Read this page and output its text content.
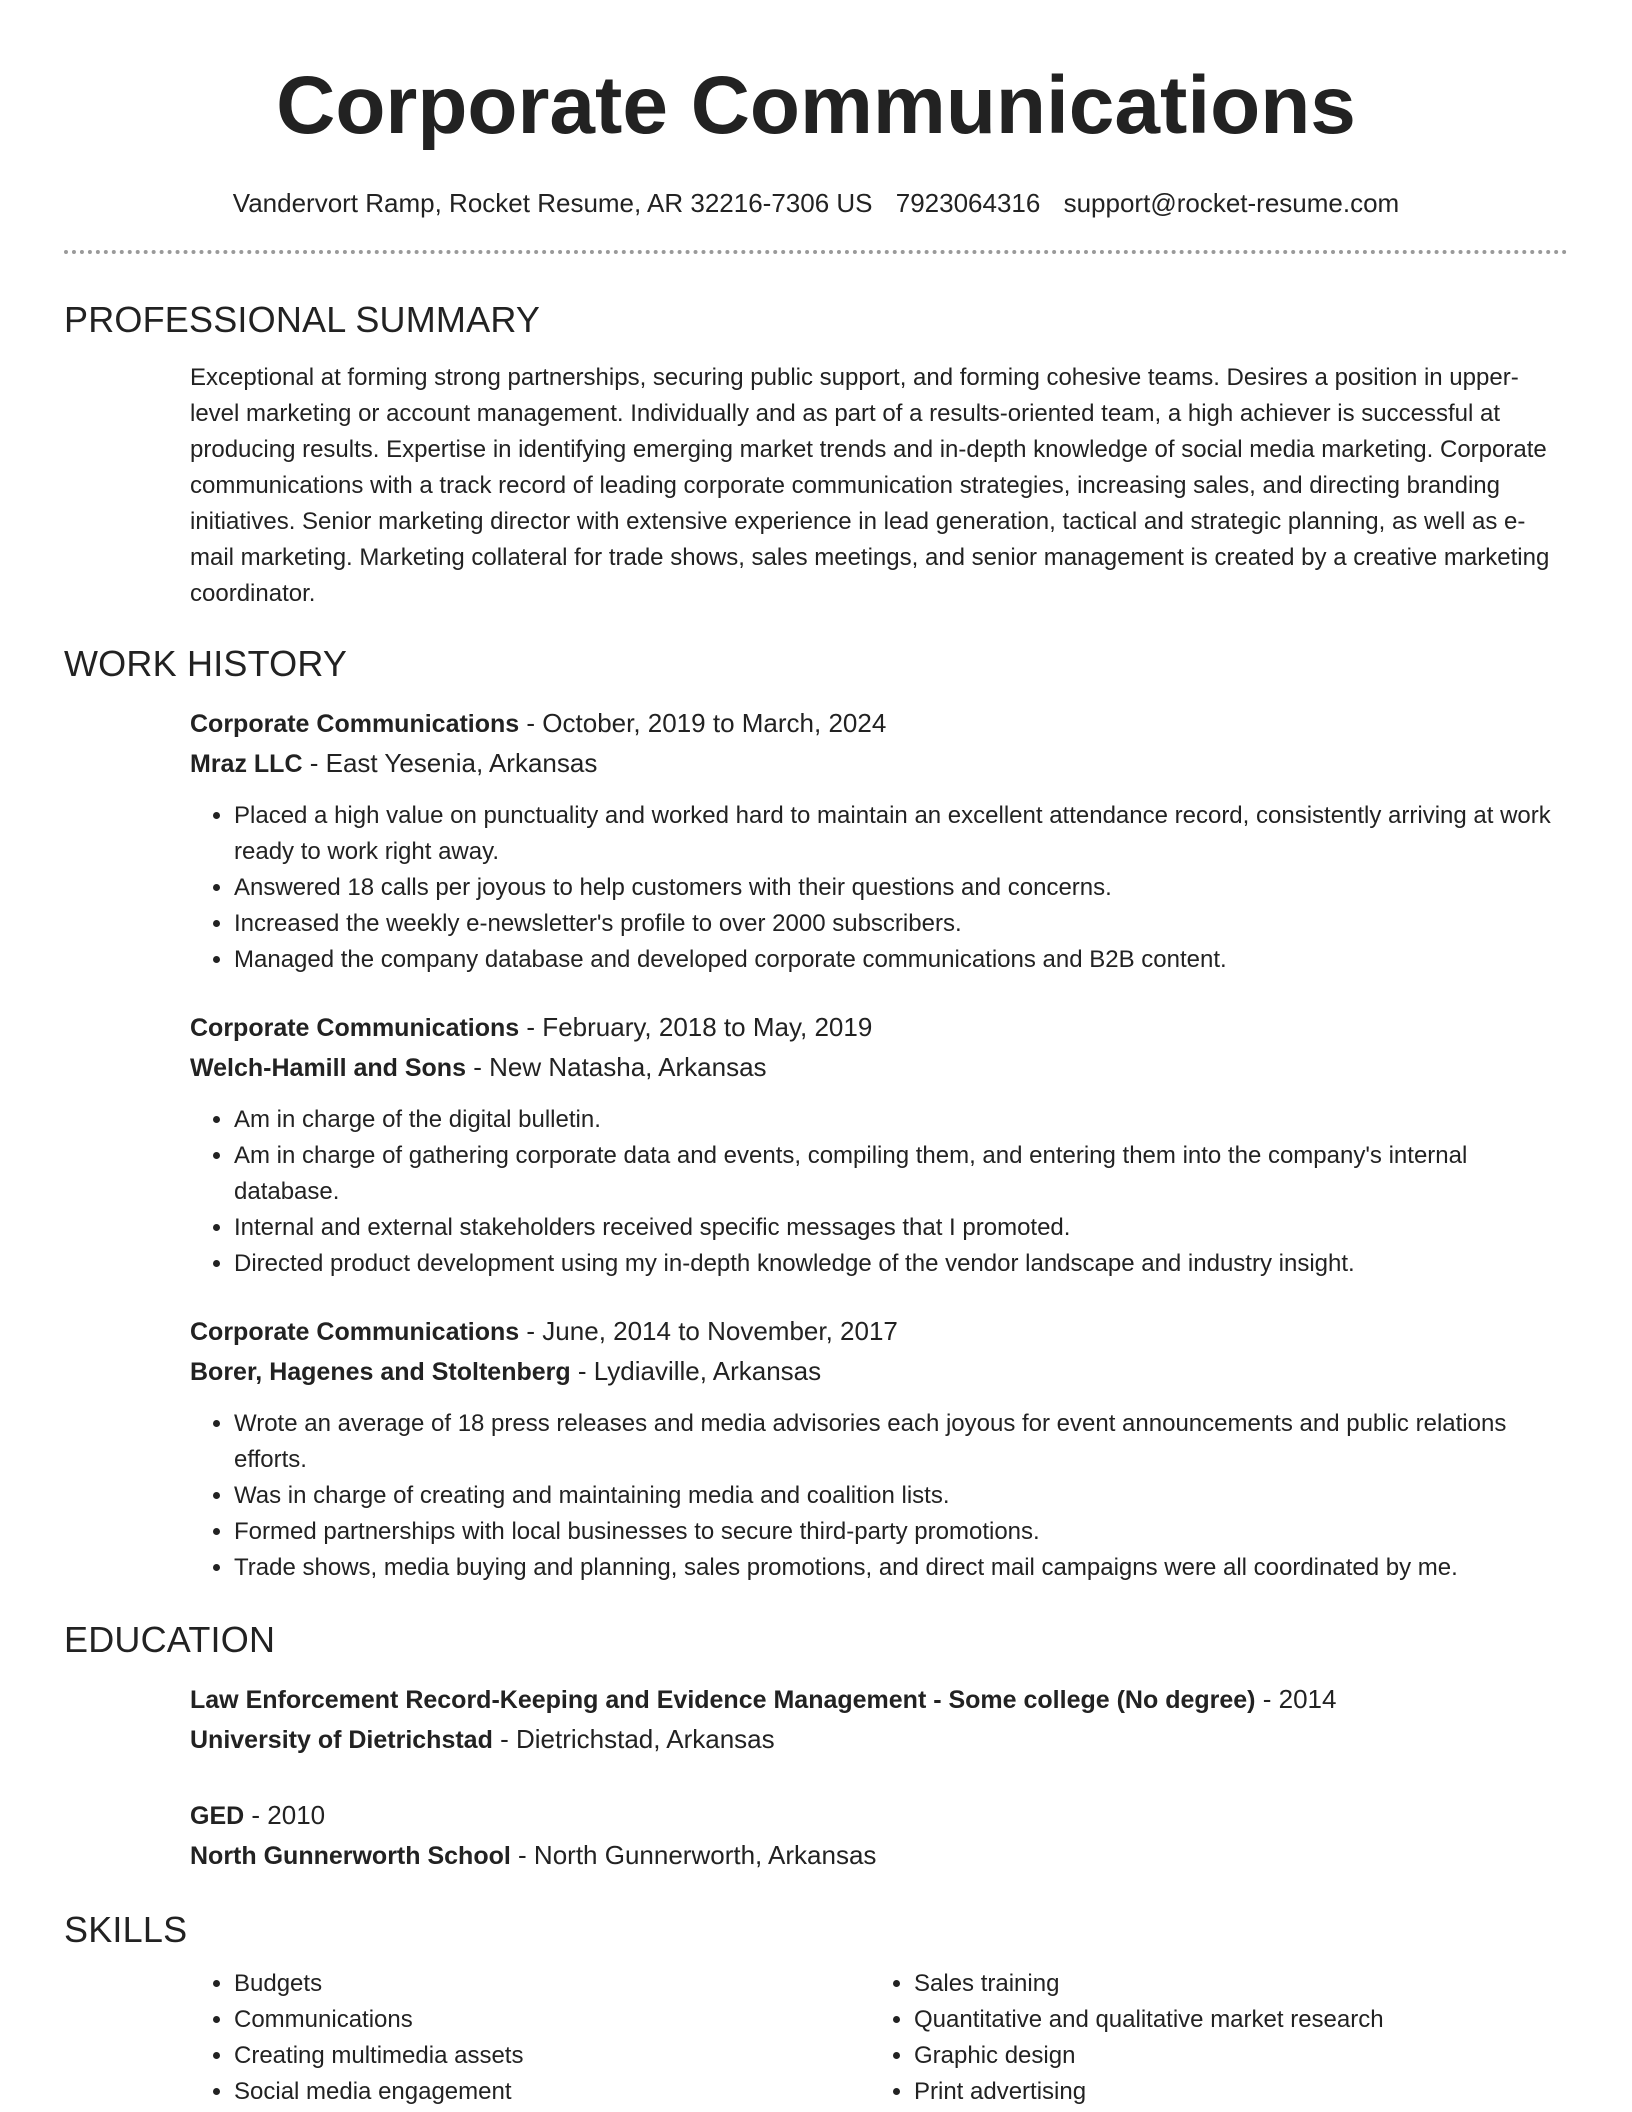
Corporate Communications
Vandervort Ramp, Rocket Resume, AR 32216-7306 US 7923064316 support@rocket-resume.com
PROFESSIONAL SUMMARY

Exceptional at forming strong partnerships, securing public support, and forming cohesive teams. Desires a position in upper-level marketing or account management. Individually and as part of a results-oriented team, a high achiever is successful at producing results. Expertise in identifying emerging market trends and in-depth knowledge of social media marketing. Corporate communications with a track record of leading corporate communication strategies, increasing sales, and directing branding initiatives. Senior marketing director with extensive experience in lead generation, tactical and strategic planning, as well as e-mail marketing. Marketing collateral for trade shows, sales meetings, and senior management is created by a creative marketing coordinator.

WORK HISTORY
Corporate Communications - October, 2019 to March, 2024
Mraz LLC - East Yesenia, Arkansas
• Placed a high value on punctuality and worked hard to maintain an excellent attendance record, consistently arriving at work ready to work right away.
• Answered 18 calls per joyous to help customers with their questions and concerns.
• Increased the weekly e-newsletter's profile to over 2000 subscribers.
• Managed the company database and developed corporate communications and B2B content.
Corporate Communications - February, 2018 to May, 2019
Welch-Hamill and Sons - New Natasha, Arkansas
• Am in charge of the digital bulletin.
• Am in charge of gathering corporate data and events, compiling them, and entering them into the company's internal database.
• Internal and external stakeholders received specific messages that I promoted.
• Directed product development using my in-depth knowledge of the vendor landscape and industry insight.
Corporate Communications - June, 2014 to November, 2017
Borer, Hagenes and Stoltenberg - Lydiaville, Arkansas
• Wrote an average of 18 press releases and media advisories each joyous for event announcements and public relations efforts.
• Was in charge of creating and maintaining media and coalition lists.
• Formed partnerships with local businesses to secure third-party promotions.
• Trade shows, media buying and planning, sales promotions, and direct mail campaigns were all coordinated by me.
EDUCATION
Law Enforcement Record-Keeping and Evidence Management - Some college (No degree) - 2014
University of Dietrichstad - Dietrichstad, Arkansas
GED - 2010
North Gunnerworth School - North Gunnerworth, Arkansas
SKILLS
• Budgets
• Communications
• Creating multimedia assets
• Social media engagement
• Sales training
• Quantitative and qualitative market research
• Graphic design
• Print advertising
